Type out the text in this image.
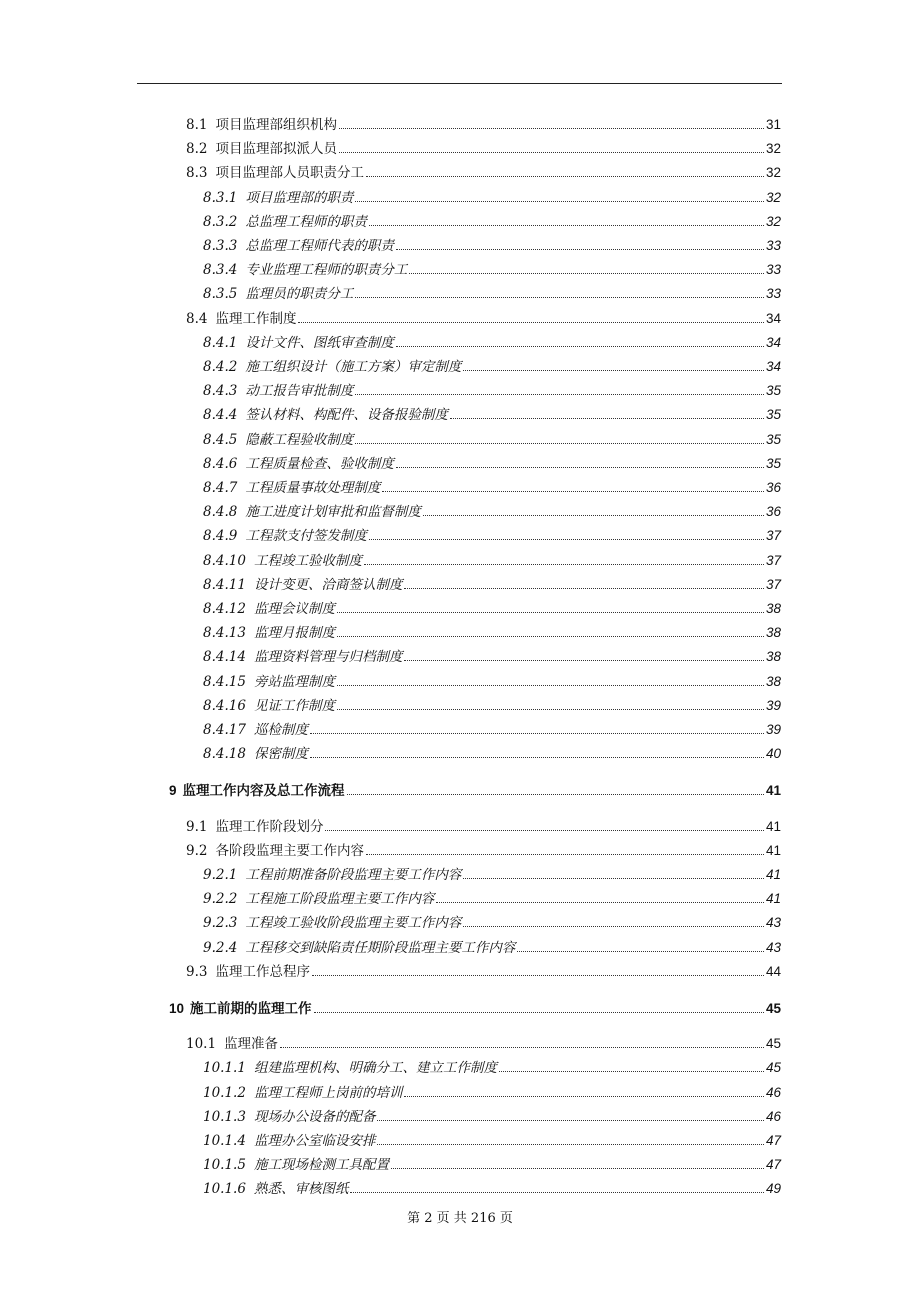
8.1 项目监理部组织机构	31
8.2 项目监理部拟派人员	32
8.3 项目监理部人员职责分工	32
8.3.1 项目监理部的职责	32
8.3.2 总监理工程师的职责	32
8.3.3 总监理工程师代表的职责	33
8.3.4 专业监理工程师的职责分工	33
8.3.5 监理员的职责分工	33
8.4 监理工作制度	34
8.4.1 设计文件、图纸审查制度	34
8.4.2 施工组织设计（施工方案）审定制度	34
8.4.3 动工报告审批制度	35
8.4.4 签认材料、构配件、设备报验制度	35
8.4.5 隐蔽工程验收制度	35
8.4.6 工程质量检查、验收制度	35
8.4.7 工程质量事故处理制度	36
8.4.8 施工进度计划审批和监督制度	36
8.4.9 工程款支付签发制度	37
8.4.10 工程竣工验收制度	37
8.4.11 设计变更、洽商签认制度	37
8.4.12 监理会议制度	38
8.4.13 监理月报制度	38
8.4.14 监理资料管理与归档制度	38
8.4.15 旁站监理制度	38
8.4.16 见证工作制度	39
8.4.17 巡检制度	39
8.4.18 保密制度	40
9 监理工作内容及总工作流程	41
9.1 监理工作阶段划分	41
9.2 各阶段监理主要工作内容	41
9.2.1 工程前期准备阶段监理主要工作内容	41
9.2.2 工程施工阶段监理主要工作内容	41
9.2.3 工程竣工验收阶段监理主要工作内容	43
9.2.4 工程移交到缺陷责任期阶段监理主要工作内容	43
9.3 监理工作总程序	44
10 施工前期的监理工作	45
10.1 监理准备	45
10.1.1 组建监理机构、明确分工、建立工作制度	45
10.1.2 监理工程师上岗前的培训	46
10.1.3 现场办公设备的配备	46
10.1.4 监理办公室临设安排	47
10.1.5 施工现场检测工具配置	47
10.1.6 熟悉、审核图纸	49
第 2 页 共 216 页
